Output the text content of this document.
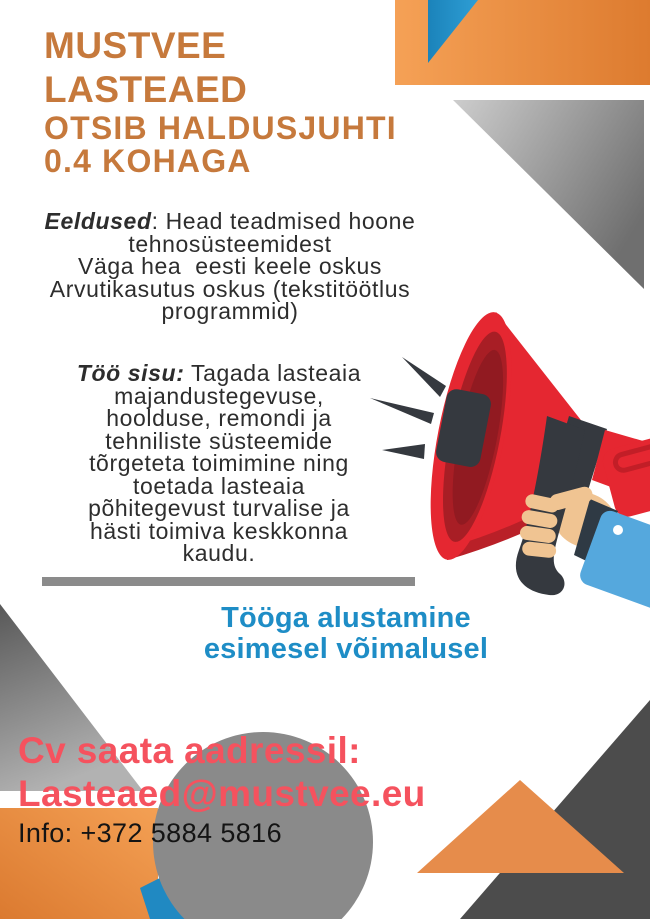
MUSTVEE
LASTEAED
OTSIB HALDUSJUHTI
0.4 KOHAGA
Eeldused: Head teadmised hoone
tehnosüsteemidest
Väga hea  eesti keele oskus
Arvutikasutus oskus (tekstitöötlus
programmid)
Töö sisu: Tagada lasteaia
majandustegevuse,
hoolduse, remondi ja
tehniliste süsteemide
tõrgeteta toimimine ning
toetada lasteaia
põhitegevust turvalise ja
hästi toimiva keskkonna
kaudu.
Tööga alustamine
esimesel võimalusel
Cv saata aadressil:
Lasteaed@mustvee.eu
Info: +372 5884 5816
